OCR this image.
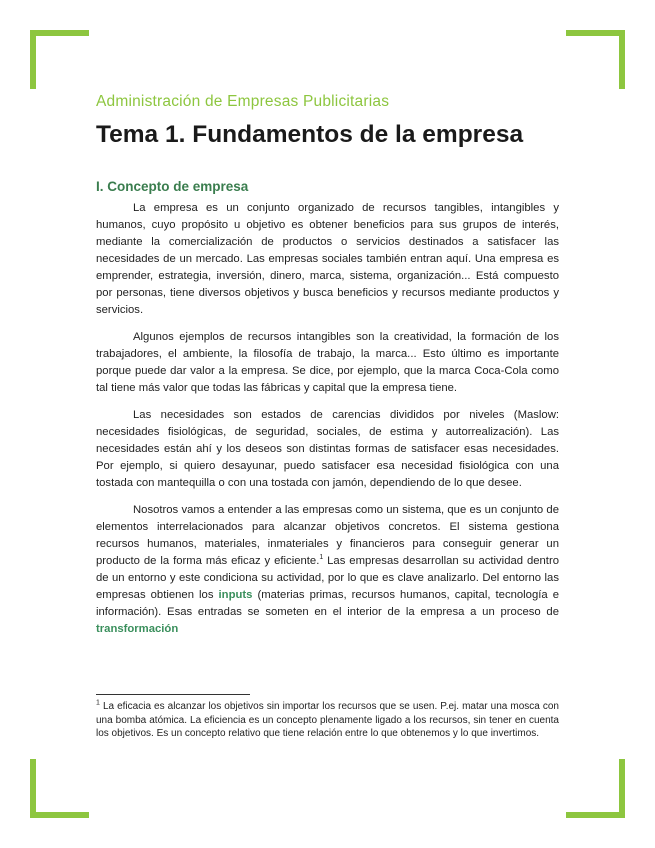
Administración de Empresas Publicitarias
Tema 1. Fundamentos de la empresa
I. Concepto de empresa

La empresa es un conjunto organizado de recursos tangibles, intangibles y humanos, cuyo propósito u objetivo es obtener beneficios para sus grupos de interés, mediante la comercialización de productos o servicios destinados a satisfacer las necesidades de un mercado. Las empresas sociales también entran aquí. Una empresa es emprender, estrategia, inversión, dinero, marca, sistema, organización... Está compuesto por personas, tiene diversos objetivos y busca beneficios y recursos mediante productos y servicios.

Algunos ejemplos de recursos intangibles son la creatividad, la formación de los trabajadores, el ambiente, la filosofía de trabajo, la marca... Esto último es importante porque puede dar valor a la empresa. Se dice, por ejemplo, que la marca Coca-Cola como tal tiene más valor que todas las fábricas y capital que la empresa tiene.

Las necesidades son estados de carencias divididos por niveles (Maslow: necesidades fisiológicas, de seguridad, sociales, de estima y autorrealización). Las necesidades están ahí y los deseos son distintas formas de satisfacer esas necesidades. Por ejemplo, si quiero desayunar, puedo satisfacer esa necesidad fisiológica con una tostada con mantequilla o con una tostada con jamón, dependiendo de lo que desee.

Nosotros vamos a entender a las empresas como un sistema, que es un conjunto de elementos interrelacionados para alcanzar objetivos concretos. El sistema gestiona recursos humanos, materiales, inmateriales y financieros para conseguir generar un producto de la forma más eficaz y eficiente.$^1$ Las empresas desarrollan su actividad dentro de un entorno y este condiciona su actividad, por lo que es clave analizarlo. Del entorno las empresas obtienen los inputs (materias primas, recursos humanos, capital, tecnología e información). Esas entradas se someten en el interior de la empresa a un proceso de transformación

$^1$ La eficacia es alcanzar los objetivos sin importar los recursos que se usen. P.ej. matar una mosca con una bomba atómica. La eficiencia es un concepto plenamente ligado a los recursos, sin tener en cuenta los objetivos. Es un concepto relativo que tiene relación entre lo que obtenemos y lo que invertimos.
